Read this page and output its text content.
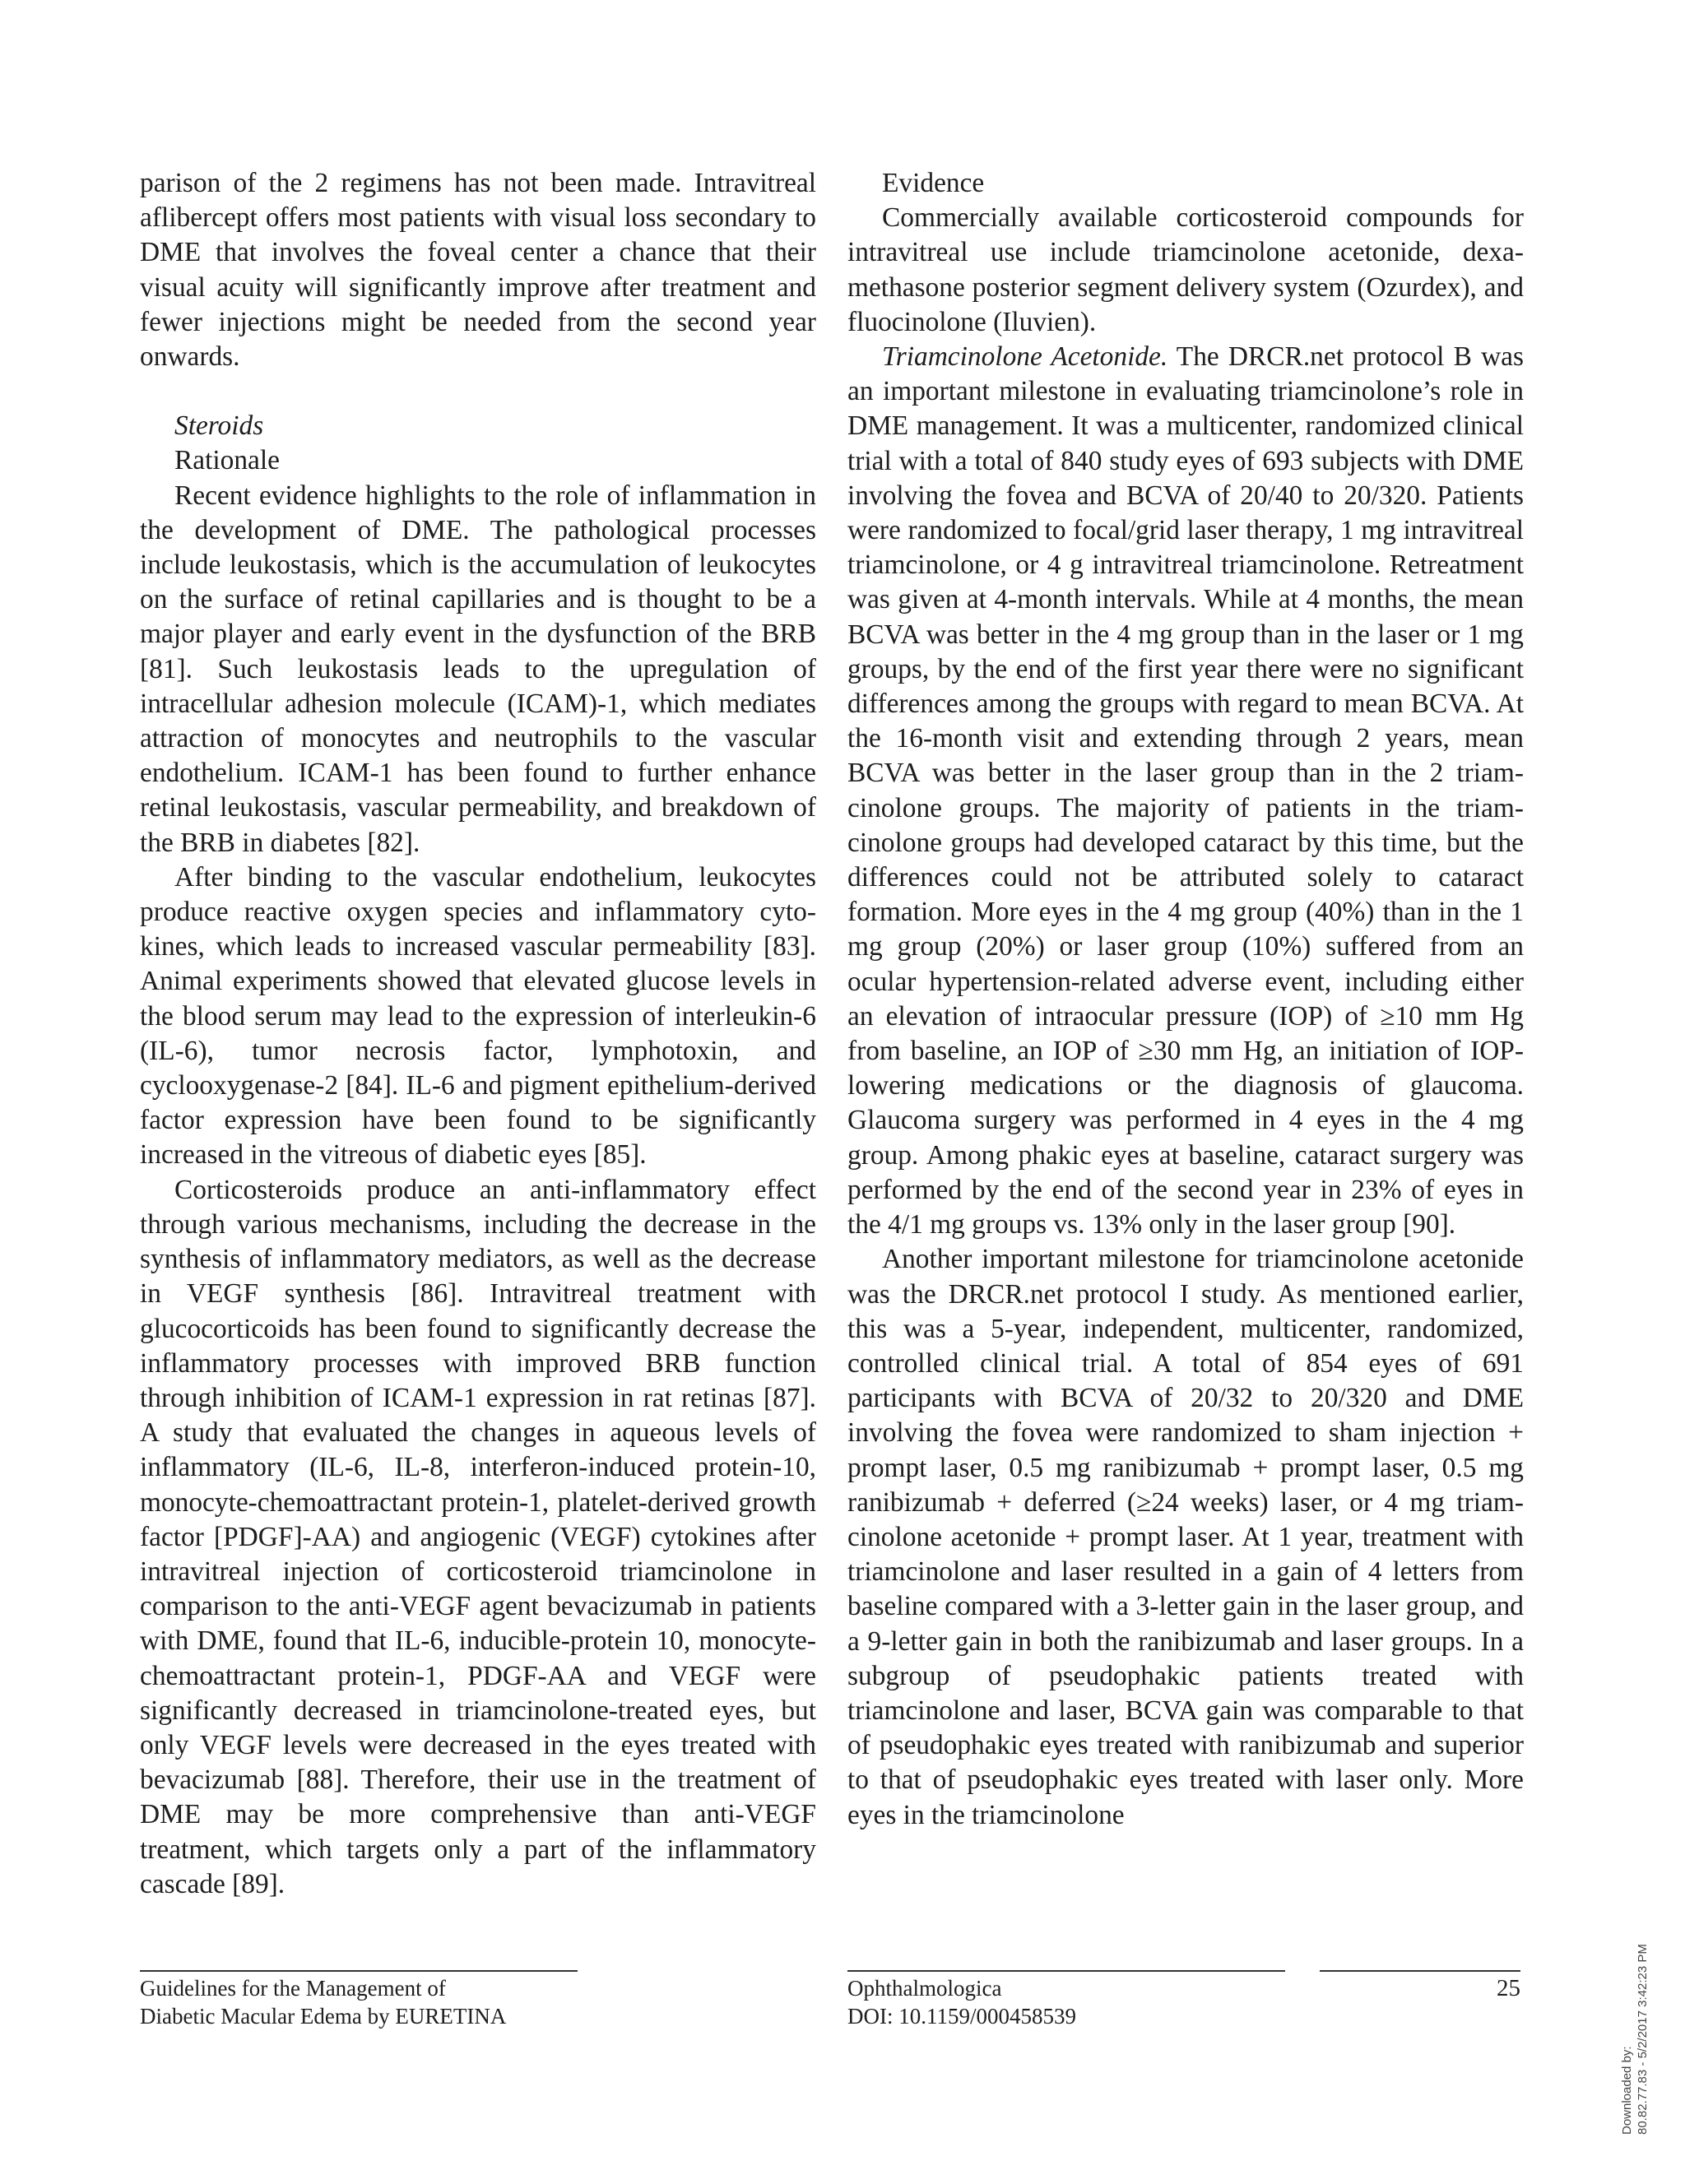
parison of the 2 regimens has not been made. Intravitreal aflibercept offers most patients with visual loss secondary to DME that involves the foveal center a chance that their visual acuity will significantly improve after treatment and fewer injections might be needed from the second year onwards.

Steroids

Rationale

Recent evidence highlights to the role of inflammation in the development of DME. The pathological processes include leukostasis, which is the accumulation of leukocytes on the surface of retinal capillaries and is thought to be a major player and early event in the dysfunction of the BRB [81]. Such leukostasis leads to the upregulation of intracellular adhesion molecule (ICAM)-1, which mediates attraction of monocytes and neutrophils to the vascular endothelium. ICAM-1 has been found to further enhance retinal leukostasis, vascular permeability, and breakdown of the BRB in diabetes [82].

After binding to the vascular endothelium, leukocytes produce reactive oxygen species and inflammatory cytokines, which leads to increased vascular permeability [83]. Animal experiments showed that elevated glucose levels in the blood serum may lead to the expression of interleukin-6 (IL-6), tumor necrosis factor, lymphotoxin, and cyclooxygenase-2 [84]. IL-6 and pigment epithelium-derived factor expression have been found to be significantly increased in the vitreous of diabetic eyes [85].

Corticosteroids produce an anti-inflammatory effect through various mechanisms, including the decrease in the synthesis of inflammatory mediators, as well as the decrease in VEGF synthesis [86]. Intravitreal treatment with glucocorticoids has been found to significantly decrease the inflammatory processes with improved BRB function through inhibition of ICAM-1 expression in rat retinas [87]. A study that evaluated the changes in aqueous levels of inflammatory (IL-6, IL-8, interferon-induced protein-10, monocyte-chemoattractant protein-1, platelet-derived growth factor [PDGF]-AA) and angiogenic (VEGF) cytokines after intravitreal injection of corticosteroid triamcinolone in comparison to the anti-VEGF agent bevacizumab in patients with DME, found that IL-6, inducible-protein 10, monocyte-chemoattractant protein-1, PDGF-AA and VEGF were significantly decreased in triamcinolone-treated eyes, but only VEGF levels were decreased in the eyes treated with bevacizumab [88]. Therefore, their use in the treatment of DME may be more comprehensive than anti-VEGF treatment, which targets only a part of the inflammatory cascade [89].

Evidence

Commercially available corticosteroid compounds for intravitreal use include triamcinolone acetonide, dexamethasone posterior segment delivery system (Ozurdex), and fluocinolone (Iluvien).

Triamcinolone Acetonide. The DRCR.net protocol B was an important milestone in evaluating triamcinolone’s role in DME management. It was a multicenter, randomized clinical trial with a total of 840 study eyes of 693 subjects with DME involving the fovea and BCVA of 20/40 to 20/320. Patients were randomized to focal/grid laser therapy, 1 mg intravitreal triamcinolone, or 4 g intravitreal triamcinolone. Retreatment was given at 4-month intervals. While at 4 months, the mean BCVA was better in the 4 mg group than in the laser or 1 mg groups, by the end of the first year there were no significant differences among the groups with regard to mean BCVA. At the 16-month visit and extending through 2 years, mean BCVA was better in the laser group than in the 2 triamcinolone groups. The majority of patients in the triamcinolone groups had developed cataract by this time, but the differences could not be attributed solely to cataract formation. More eyes in the 4 mg group (40%) than in the 1 mg group (20%) or laser group (10%) suffered from an ocular hypertension-related adverse event, including either an elevation of intraocular pressure (IOP) of ≥10 mm Hg from baseline, an IOP of ≥30 mm Hg, an initiation of IOP-lowering medications or the diagnosis of glaucoma. Glaucoma surgery was performed in 4 eyes in the 4 mg group. Among phakic eyes at baseline, cataract surgery was performed by the end of the second year in 23% of eyes in the 4/1 mg groups vs. 13% only in the laser group [90].

Another important milestone for triamcinolone acetonide was the DRCR.net protocol I study. As mentioned earlier, this was a 5-year, independent, multicenter, randomized, controlled clinical trial. A total of 854 eyes of 691 participants with BCVA of 20/32 to 20/320 and DME involving the fovea were randomized to sham injection + prompt laser, 0.5 mg ranibizumab + prompt laser, 0.5 mg ranibizumab + deferred (≥24 weeks) laser, or 4 mg triamcinolone acetonide + prompt laser. At 1 year, treatment with triamcinolone and laser resulted in a gain of 4 letters from baseline compared with a 3-letter gain in the laser group, and a 9-letter gain in both the ranibizumab and laser groups. In a subgroup of pseudophakic patients treated with triamcinolone and laser, BCVA gain was comparable to that of pseudophakic eyes treated with ranibizumab and superior to that of pseudophakic eyes treated with laser only. More eyes in the triamcinolone

Guidelines for the Management of
Diabetic Macular Edema by EURETINA
Ophthalmologica
DOI: 10.1159/000458539
25
Downloaded by: 80.82.77.83 - 5/2/2017 3:42:23 PM
